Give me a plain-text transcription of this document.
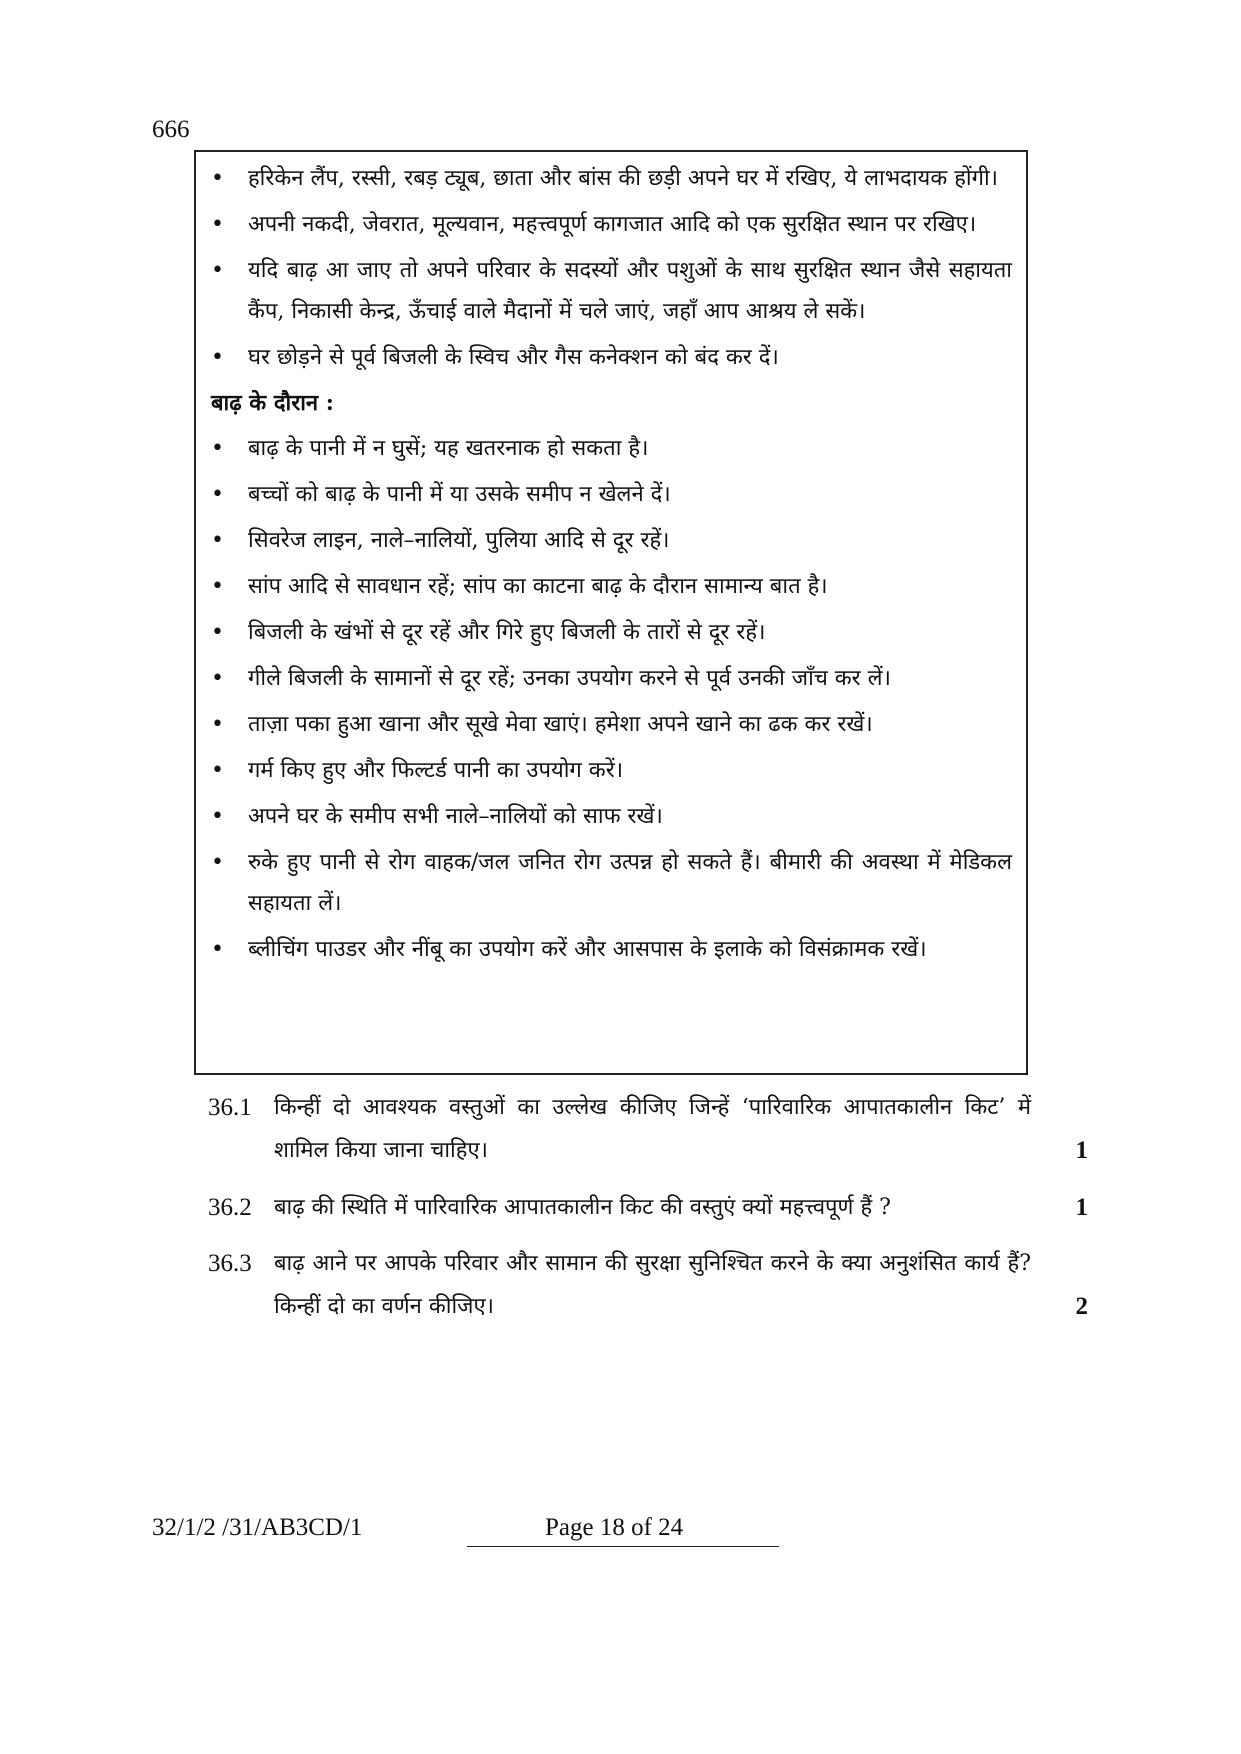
666
• हरिकेन लैंप, रस्सी, रबड़ ट्यूब, छाता और बांस की छड़ी अपने घर में रखिए, ये लाभदायक होंगी।
• अपनी नकदी, जेवरात, मूल्यवान, महत्त्वपूर्ण कागजात आदि को एक सुरक्षित स्थान पर रखिए।
• यदि बाढ़ आ जाए तो अपने परिवार के सदस्यों और पशुओं के साथ सुरक्षित स्थान जैसे सहायता कैंप, निकासी केन्द्र, ऊँचाई वाले मैदानों में चले जाएं, जहाँ आप आश्रय ले सकें।
• घर छोड़ने से पूर्व बिजली के स्विच और गैस कनेक्शन को बंद कर दें।
बाढ़ के दौरान :
• बाढ़ के पानी में न घुसें; यह खतरनाक हो सकता है।
• बच्चों को बाढ़ के पानी में या उसके समीप न खेलने दें।
• सिवरेज लाइन, नाले–नालियों, पुलिया आदि से दूर रहें।
• सांप आदि से सावधान रहें; सांप का काटना बाढ़ के दौरान सामान्य बात है।
• बिजली के खंभों से दूर रहें और गिरे हुए बिजली के तारों से दूर रहें।
• गीले बिजली के सामानों से दूर रहें; उनका उपयोग करने से पूर्व उनकी जाँच कर लें।
• ताज़ा पका हुआ खाना और सूखे मेवा खाएं। हमेशा अपने खाने का ढक कर रखें।
• गर्म किए हुए और फिल्टर्ड पानी का उपयोग करें।
• अपने घर के समीप सभी नाले–नालियों को साफ रखें।
• रुके हुए पानी से रोग वाहक/जल जनित रोग उत्पन्न हो सकते हैं। बीमारी की अवस्था में मेडिकल सहायता लें।
• ब्लीचिंग पाउडर और नींबू का उपयोग करें और आसपास के इलाके को विसंक्रामक रखें।
36.1 किन्हीं दो आवश्यक वस्तुओं का उल्लेख कीजिए जिन्हें ‘पारिवारिक आपातकालीन किट’ में शामिल किया जाना चाहिए।	1
36.2 बाढ़ की स्थिति में पारिवारिक आपातकालीन किट की वस्तुएं क्यों महत्त्वपूर्ण हैं ?	1
36.3 बाढ़ आने पर आपके परिवार और सामान की सुरक्षा सुनिश्चित करने के क्या अनुशंसित कार्य हैं? किन्हीं दो का वर्णन कीजिए।	2
32/1/2 /31/AB3CD/1	Page 18 of 24
